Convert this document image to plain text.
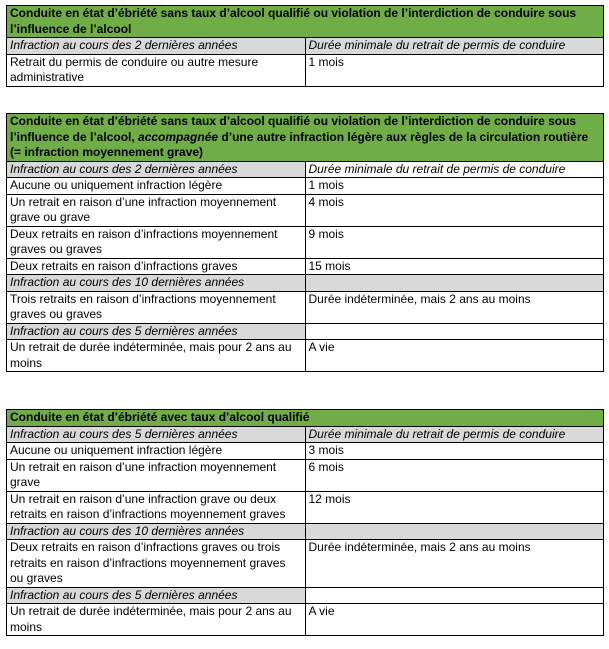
Conduite en état d’ébriété sans taux d’alcool qualifié ou violation de l’interdiction de conduire sous l’influence de l’alcool	
Infraction au cours des 2 dernières années	Durée minimale du retrait de permis de conduire
Retrait du permis de conduire ou autre mesure administrative	1 mois
Conduite en état d’ébriété sans taux d’alcool qualifié ou violation de l’interdiction de conduire sous l’influence de l’alcool, accompagnée d’une autre infraction légère aux règles de la circulation routière (= infraction moyennement grave)	
Infraction au cours des 2 dernières années	Durée minimale du retrait de permis de conduire
Aucune ou uniquement infraction légère	1 mois
Un retrait en raison d’une infraction moyennement grave ou grave	4 mois
Deux retraits en raison d’infractions moyennement graves ou graves	9 mois
Deux retraits en raison d’infractions graves	15 mois
Infraction au cours des 10 dernières années	
Trois retraits en raison d’infractions moyennement graves ou graves	Durée indéterminée, mais 2 ans au moins
Infraction au cours des 5 dernières années	
Un retrait de durée indéterminée, mais pour 2 ans au moins	A vie
Conduite en état d’ébriété avec taux d’alcool qualifié	
Infraction au cours des 5 dernières années	Durée minimale du retrait de permis de conduire
Aucune ou uniquement infraction légère	3 mois
Un retrait en raison d’une infraction moyennement grave	6 mois
Un retrait en raison d’une infraction grave ou deux retraits en raison d’infractions moyennement graves	12 mois
Infraction au cours des 10 dernières années	
Deux retraits en raison d’infractions graves ou trois retraits en raison d’infractions moyennement graves ou graves	Durée indéterminée, mais 2 ans au moins
Infraction au cours des 5 dernières années	
Un retrait de durée indéterminée, mais pour 2 ans au moins	A vie
